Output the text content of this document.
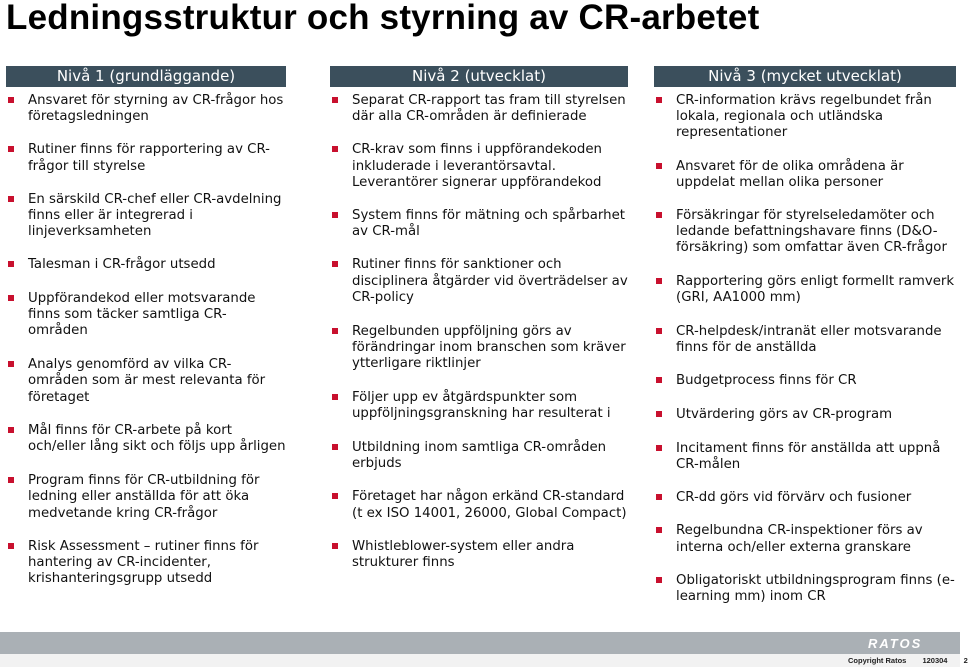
Ledningsstruktur och styrning av CR-arbetet
Nivå 1 (grundläggande)
Ansvaret för styrning av CR-frågor hos företagsledningen
Rutiner finns för rapportering av CR-frågor till styrelse
En särskild CR-chef eller CR-avdelning finns eller är integrerad i linjeverksamheten
Talesman i CR-frågor utsedd
Uppförandekod eller motsvarande finns som täcker samtliga CR-områden
Analys genomförd av vilka CR-områden som är mest relevanta för företaget
Mål finns för CR-arbete på kort och/eller lång sikt och följs upp årligen
Program finns för CR-utbildning för ledning eller anställda för att öka medvetande kring CR-frågor
Risk Assessment – rutiner finns för hantering av CR-incidenter, krishanteringsgrupp utsedd
Nivå 2 (utvecklat)
Separat CR-rapport tas fram till styrelsen där alla CR-områden är definierade
CR-krav som finns i uppförandekoden inkluderade i leverantörsavtal. Leverantörer signerar uppförandekod
System finns för mätning och spårbarhet av CR-mål
Rutiner finns för sanktioner och disciplinera åtgärder vid överträdelser av CR-policy
Regelbunden uppföljning görs av förändringar inom branschen som kräver ytterligare riktlinjer
Följer upp ev åtgärdspunkter som uppföljningsgranskning har resulterat i
Utbildning inom samtliga CR-områden erbjuds
Företaget har någon erkänd CR-standard (t ex ISO 14001, 26000, Global Compact)
Whistleblower-system eller andra strukturer finns
Nivå 3 (mycket utvecklat)
CR-information krävs regelbundet från lokala, regionala och utländska representationer
Ansvaret för de olika områdena är uppdelat mellan olika personer
Försäkringar för styrelseledamöter och ledande befattningshavare finns (D&O-försäkring) som omfattar även CR-frågor
Rapportering görs enligt formellt ramverk (GRI, AA1000 mm)
CR-helpdesk/intranät eller motsvarande finns för de anställda
Budgetprocess finns för CR
Utvärdering görs av CR-program
Incitament finns för anställda att uppnå CR-målen
CR-dd görs vid förvärv och fusioner
Regelbundna CR-inspektioner förs av interna och/eller externa granskare
Obligatoriskt utbildningsprogram finns (e-learning mm) inom CR
RATOS
Copyright Ratos 120304 2
